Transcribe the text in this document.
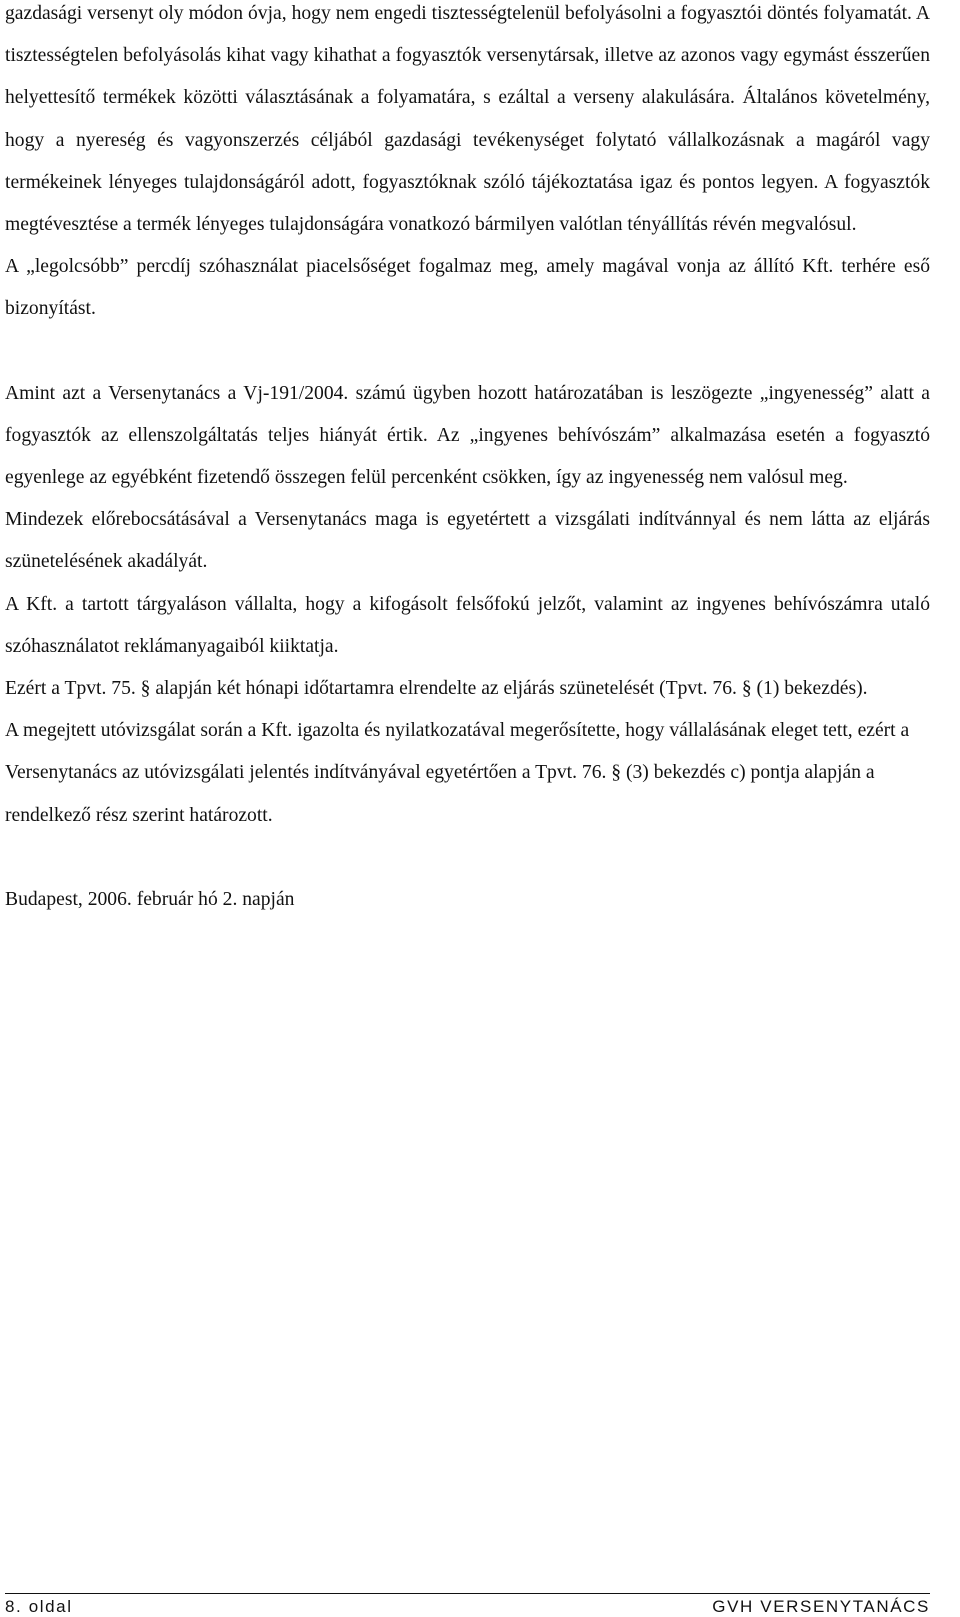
gazdasági versenyt oly módon óvja, hogy nem engedi tisztességtelenül befolyásolni a fogyasztói döntés folyamatát. A tisztességtelen befolyásolás kihat vagy kihathat a fogyasztók versenytársak, illetve az azonos vagy egymást ésszerűen helyettesítő termékek közötti választásának a folyamatára, s ezáltal a verseny alakulására. Általános követelmény, hogy a nyereség és vagyonszerzés céljából gazdasági tevékenységet folytató vállalkozásnak a magáról vagy termékeinek lényeges tulajdonságáról adott, fogyasztóknak szóló tájékoztatása igaz és pontos legyen. A fogyasztók megtévesztése a termék lényeges tulajdonságára vonatkozó bármilyen valótlan tényállítás révén megvalósul.

A „legolcsóbb” percdíj szóhasználat piacelsőséget fogalmaz meg, amely magával vonja az állító Kft. terhére eső bizonyítást.

Amint azt a Versenytanács a Vj-191/2004. számú ügyben hozott határozatában is leszögezte „ingyenesség” alatt a fogyasztók az ellenszolgáltatás teljes hiányát értik. Az „ingyenes behívószám” alkalmazása esetén a fogyasztó egyenlege az egyébként fizetendő összegen felül percenként csökken, így az ingyenesség nem valósul meg.

Mindezek előrebocsátásával a Versenytanács maga is egyetértett a vizsgálati indítvánnyal és nem látta az eljárás szünetelésének akadályát.

A Kft. a tartott tárgyaláson vállalta, hogy a kifogásolt felsőfokú jelzőt, valamint az ingyenes behívószámra utaló szóhasználatot reklámanyagaiból kiiktatja.

Ezért a Tpvt. 75. § alapján két hónapi időtartamra elrendelte az eljárás szünetelését (Tpvt. 76. § (1) bekezdés).

A megejtett utóvizsgálat során a Kft. igazolta és nyilatkozatával megerősítette, hogy vállalásának eleget tett, ezért a Versenytanács az utóvizsgálati jelentés indítványával egyetértően a Tpvt. 76. § (3) bekezdés c) pontja alapján a rendelkező rész szerint határozott.

Budapest, 2006. február hó 2. napján

8. oldal	GVH VERSENYTANÁCS
